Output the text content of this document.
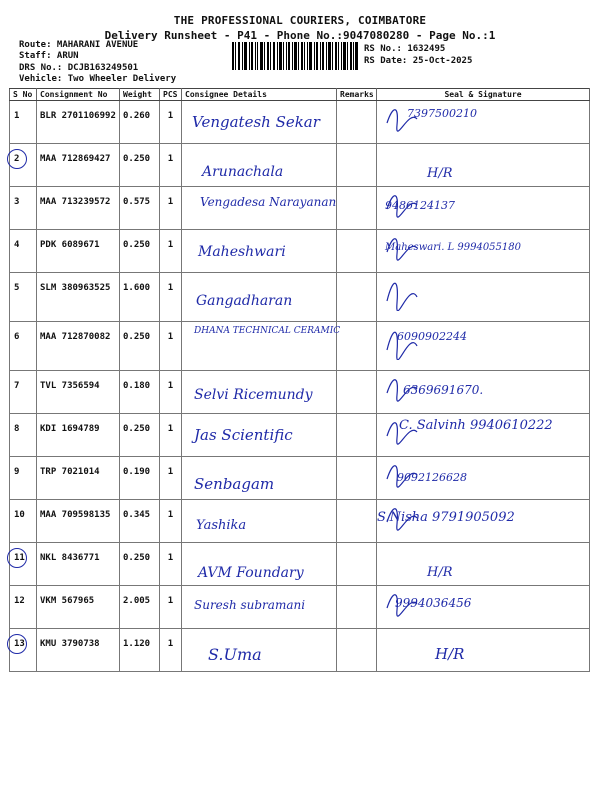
THE PROFESSIONAL COURIERS, COIMBATORE
Delivery Runsheet - P41 - Phone No.:9047080280 - Page No.:1
Route: MAHARANI AVENUE
Staff: ARUN
DRS No.: DCJB163249501
Vehicle: Two Wheeler Delivery
RS No.: 1632495
RS Date: 25-Oct-2025
S No	Consignment No	Weight	PCS	Consignee Details	Remarks	Seal & Signature
1	BLR 2701106992	0.260	1	Vengatesh Sekar		7397500210

2	MAA 712869427	0.250	1	Arunachala		H/R

3	MAA 713239572	0.575	1	Vengadesa Narayanan		9486124137

4	PDK 6089671	0.250	1	Maheshwari		Maheswari. L 9994055180

5	SLM 380963525	1.600	1	Gangadharan

6	MAA 712870082	0.250	1	DHANA TECHNICAL CERAMIC		6090902244

7	TVL 7356594	0.180	1	Selvi Ricemundy		6369691670.

8	KDI 1694789	0.250	1	Jas Scientific		C. Salvinh 9940610222

9	TRP 7021014	0.190	1	Senbagam		9092126628

10	MAA 709598135	0.345	1	Yashika		S.Nisha 9791905092

11	NKL 8436771	0.250	1	AVM Foundary		H/R

12	VKM 567965	2.005	1	Suresh subramani		9994036456

13	KMU 3790738	1.120	1	S.Uma		H/R
